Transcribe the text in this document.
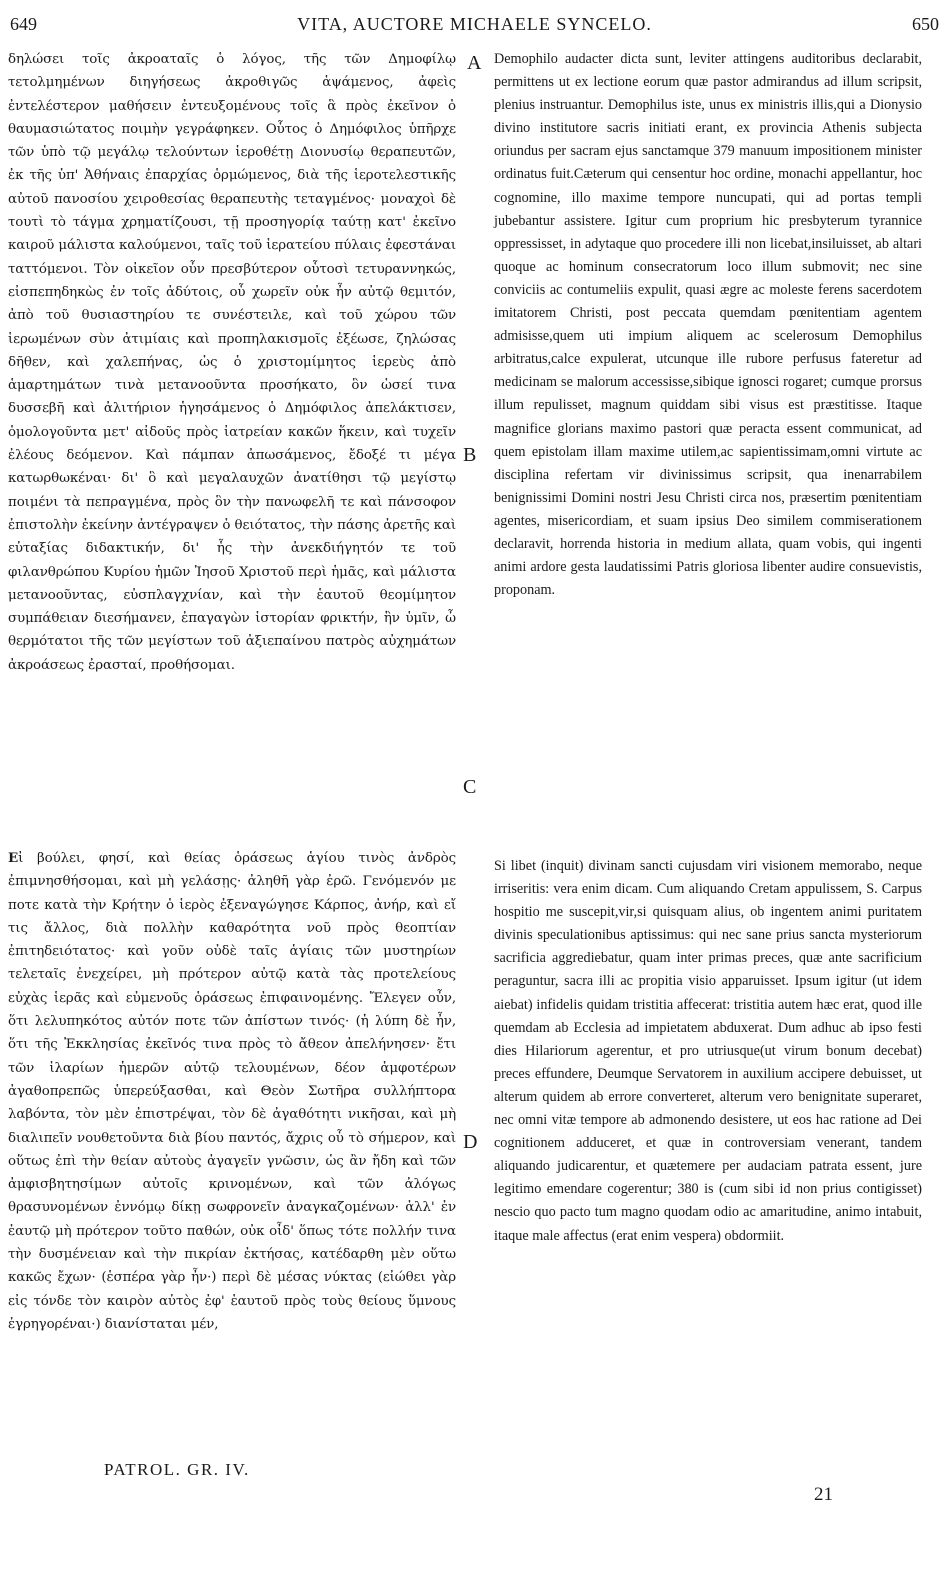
649	VITA, AUCTORE MICHAELE SYNCELO.	650

δηλώσει τοῖς ἀκροαταῖς ὁ λόγος, τῆς τῶν Δημοφίλῳ τετολμημένων διηγήσεως ἀκροθιγῶς ἁψάμενος, ἀφεὶς ἐντελέστερον μαθήσειν ἐντευξομένους τοῖς ἃ πρὸς ἐκεῖνον ὁ θαυμασιώτατος ποιμὴν γεγράφηκεν. Οὗτος ὁ Δημόφιλος ὑπῆρχε τῶν ὑπὸ τῷ μεγάλῳ τελούντων ἱεροθέτῃ Διονυσίῳ θεραπευτῶν, ἐκ τῆς ὑπ' Ἀθήναις ἐπαρχίας ὁρμώμενος, διὰ τῆς ἱεροτελεστικῆς αὐτοῦ πανοσίου χειροθεσίας θεραπευτὴς τεταγμένος· μοναχοὶ δὲ τουτὶ τὸ τάγμα χρηματίζουσι, τῇ προσηγορίᾳ ταύτῃ κατ' ἐκεῖνο καιροῦ μάλιστα καλούμενοι, ταῖς τοῦ ἱερατείου πύλαις ἐφεστάναι ταττόμενοι. Τὸν οἰκεῖον οὖν πρεσβύτερον οὗτοσὶ τετυραννηκώς, εἰσπεπηδηκὼς ἐν τοῖς ἀδύτοις, οὗ χωρεῖν οὐκ ἦν αὐτῷ θεμιτόν, ἀπὸ τοῦ θυσιαστηρίου τε συνέστειλε, καὶ τοῦ χώρου τῶν ἱερωμένων σὺν ἀτιμίαις καὶ προπηλακισμοῖς ἐξέωσε, ζηλώσας δῆθεν, καὶ χαλεπήνας, ὡς ὁ χριστομίμητος ἱερεὺς ἀπὸ ἁμαρτημάτων τινὰ μετανοοῦντα προσήκατο, ὃν ὡσεί τινα δυσσεβῆ καὶ ἀλιτήριον ἡγησάμενος ὁ Δημόφιλος ἀπελάκτισεν, ὁμολογοῦντα μετ' αἰδοῦς πρὸς ἰατρείαν κακῶν ἥκειν, καὶ τυχεῖν ἐλέους δεόμενον. Καὶ πάμπαν ἀπωσάμενος, ἔδοξέ τι μέγα κατωρθωκέναι· δι' ὃ καὶ μεγαλαυχῶν ἀνατίθησι τῷ μεγίστῳ ποιμένι τὰ πεπραγμένα, πρὸς ὃν τὴν πανωφελῆ τε καὶ πάνσοφον ἐπιστολὴν ἐκείνην ἀντέγραψεν ὁ θειότατος, τὴν πάσης ἀρετῆς καὶ εὐταξίας διδακτικήν, δι' ἧς τὴν ἀνεκδιήγητόν τε τοῦ φιλανθρώπου Κυρίου ἡμῶν Ἰησοῦ Χριστοῦ περὶ ἡμᾶς, καὶ μάλιστα μετανοοῦντας, εὐσπλαγχνίαν, καὶ τὴν ἑαυτοῦ θεομίμητον συμπάθειαν διεσήμανεν, ἐπαγαγὼν ἱστορίαν φρικτήν, ἣν ὑμῖν, ὦ θερμότατοι τῆς τῶν μεγίστων τοῦ ἀξιεπαίνου πατρὸς αὐχημάτων ἀκροάσεως ἐρασταί, προθήσομαι.

Εἰ βούλει, φησί, καὶ θείας ὁράσεως ἁγίου τινὸς ἀνδρὸς ἐπιμνησθήσομαι, καὶ μὴ γελάσῃς· ἀληθῆ γὰρ ἐρῶ. Γενόμενόν με ποτε κατὰ τὴν Κρήτην ὁ ἱερὸς ἐξεναγώγησε Κάρπος, ἀνήρ, καὶ εἴ τις ἄλλος, διὰ πολλὴν καθαρότητα νοῦ πρὸς θεοπτίαν ἐπιτηδειότατος· καὶ γοῦν οὐδὲ ταῖς ἁγίαις τῶν μυστηρίων τελεταῖς ἐνεχείρει, μὴ πρότερον αὐτῷ κατὰ τὰς προτελείους εὐχὰς ἱερᾶς καὶ εὐμενοῦς ὁράσεως ἐπιφαινομένης. Ἔλεγεν οὖν, ὅτι λελυπηκότος αὐτόν ποτε τῶν ἀπίστων τινός· (ἡ λύπη δὲ ἦν, ὅτι τῆς Ἐκκλησίας ἐκεῖνός τινα πρὸς τὸ ἄθεον ἀπελήνησεν· ἔτι τῶν ἱλαρίων ἡμερῶν αὐτῷ τελουμένων, δέον ἀμφοτέρων ἀγαθοπρεπῶς ὑπερεύξασθαι, καὶ Θεὸν Σωτῆρα συλλήπτορα λαβόντα, τὸν μὲν ἐπιστρέψαι, τὸν δὲ ἀγαθότητι νικῆσαι, καὶ μὴ διαλιπεῖν νουθετοῦντα διὰ βίου παντός, ἄχρις οὗ τὸ σήμερον, καὶ οὕτως ἐπὶ τὴν θείαν αὐτοὺς ἀγαγεῖν γνῶσιν, ὡς ἂν ἤδη καὶ τῶν ἀμφισβητησίμων αὐτοῖς κρινομένων, καὶ τῶν ἀλόγως θρασυνομένων ἐννόμῳ δίκῃ σωφρονεῖν ἀναγκαζομένων· ἀλλ' ἐν ἑαυτῷ μὴ πρότερον τοῦτο παθών, οὐκ οἶδ' ὅπως τότε πολλήν τινα τὴν δυσμένειαν καὶ τὴν πικρίαν ἐκτήσας, κατέδαρθη μὲν οὕτω κακῶς ἔχων· (ἑσπέρα γὰρ ἦν·) περὶ δὲ μέσας νύκτας (εἰώθει γὰρ εἰς τόνδε τὸν καιρὸν αὐτὸς ἐφ' ἑαυτοῦ πρὸς τοὺς θείους ὕμνους ἐγρηγορέναι·) διανίσταται μέν,

A
B
C
D

Demophilo audacter dicta sunt, leviter attingens auditoribus declarabit, permittens ut ex lectione eorum quæ pastor admirandus ad illum scripsit, plenius instruantur. Demophilus iste, unus ex ministris illis,qui a Dionysio divino institutore sacris initiati erant, ex provincia Athenis subjecta oriundus per sacram ejus sanctamque 379 manuum impositionem minister ordinatus fuit.Cæterum qui censentur hoc ordine, monachi appellantur, hoc cognomine, illo maxime tempore nuncupati, qui ad portas templi jubebantur assistere. Igitur cum proprium hic presbyterum tyrannice oppressisset, in adytaque quo procedere illi non licebat,insiluisset, ab altari quoque ac hominum consecratorum loco illum submovit; nec sine conviciis ac contumeliis expulit, quasi ægre ac moleste ferens sacerdotem imitatorem Christi, post peccata quemdam pœnitentiam agentem admisisse,quem uti impium aliquem ac scelerosum Demophilus arbitratus,calce expulerat, utcunque ille rubore perfusus fateretur ad medicinam se malorum accessisse,sibique ignosci rogaret; cumque prorsus illum repulisset, magnum quiddam sibi visus est præstitisse. Itaque magnifice glorians maximo pastori quæ peracta essent communicat, ad quem epistolam illam maxime utilem,ac sapientissimam,omni virtute ac disciplina refertam vir divinissimus scripsit, qua inenarrabilem benignissimi Domini nostri Jesu Christi circa nos, præsertim pœnitentiam agentes, misericordiam, et suam ipsius Deo similem commiserationem declaravit, horrenda historia in medium allata, quam vobis, qui ingenti animi ardore gesta laudatissimi Patris gloriosa libenter audire consuevistis, proponam.

Si libet (inquit) divinam sancti cujusdam viri visionem memorabo, neque irriseritis: vera enim dicam. Cum aliquando Cretam appulissem, S. Carpus hospitio me suscepit,vir,si quisquam alius, ob ingentem animi puritatem divinis speculationibus aptissimus: qui nec sane prius sancta mysteriorum sacrificia aggrediebatur, quam inter primas preces, quæ ante sacrificium peraguntur, sacra illi ac propitia visio apparuisset. Ipsum igitur (ut idem aiebat) infidelis quidam tristitia affecerat: tristitia autem hæc erat, quod ille quemdam ab Ecclesia ad impietatem abduxerat. Dum adhuc ab ipso festi dies Hilariorum agerentur, et pro utriusque(ut virum bonum decebat) preces effundere, Deumque Servatorem in auxilium accipere debuisset, ut alterum quidem ab errore converteret, alterum vero benignitate superaret, nec omni vitæ tempore ab admonendo desistere, ut eos hac ratione ad Dei cognitionem adduceret, et quæ in controversiam venerant, tandem aliquando judicarentur, et quætemere per audaciam patrata essent, jure legitimo emendare cogerentur; 380 is (cum sibi id non prius contigisset) nescio quo pacto tum magno quodam odio ac amaritudine, animo intabuit, itaque male affectus (erat enim vespera) obdormiit.

PATROL. GR. IV.
21
